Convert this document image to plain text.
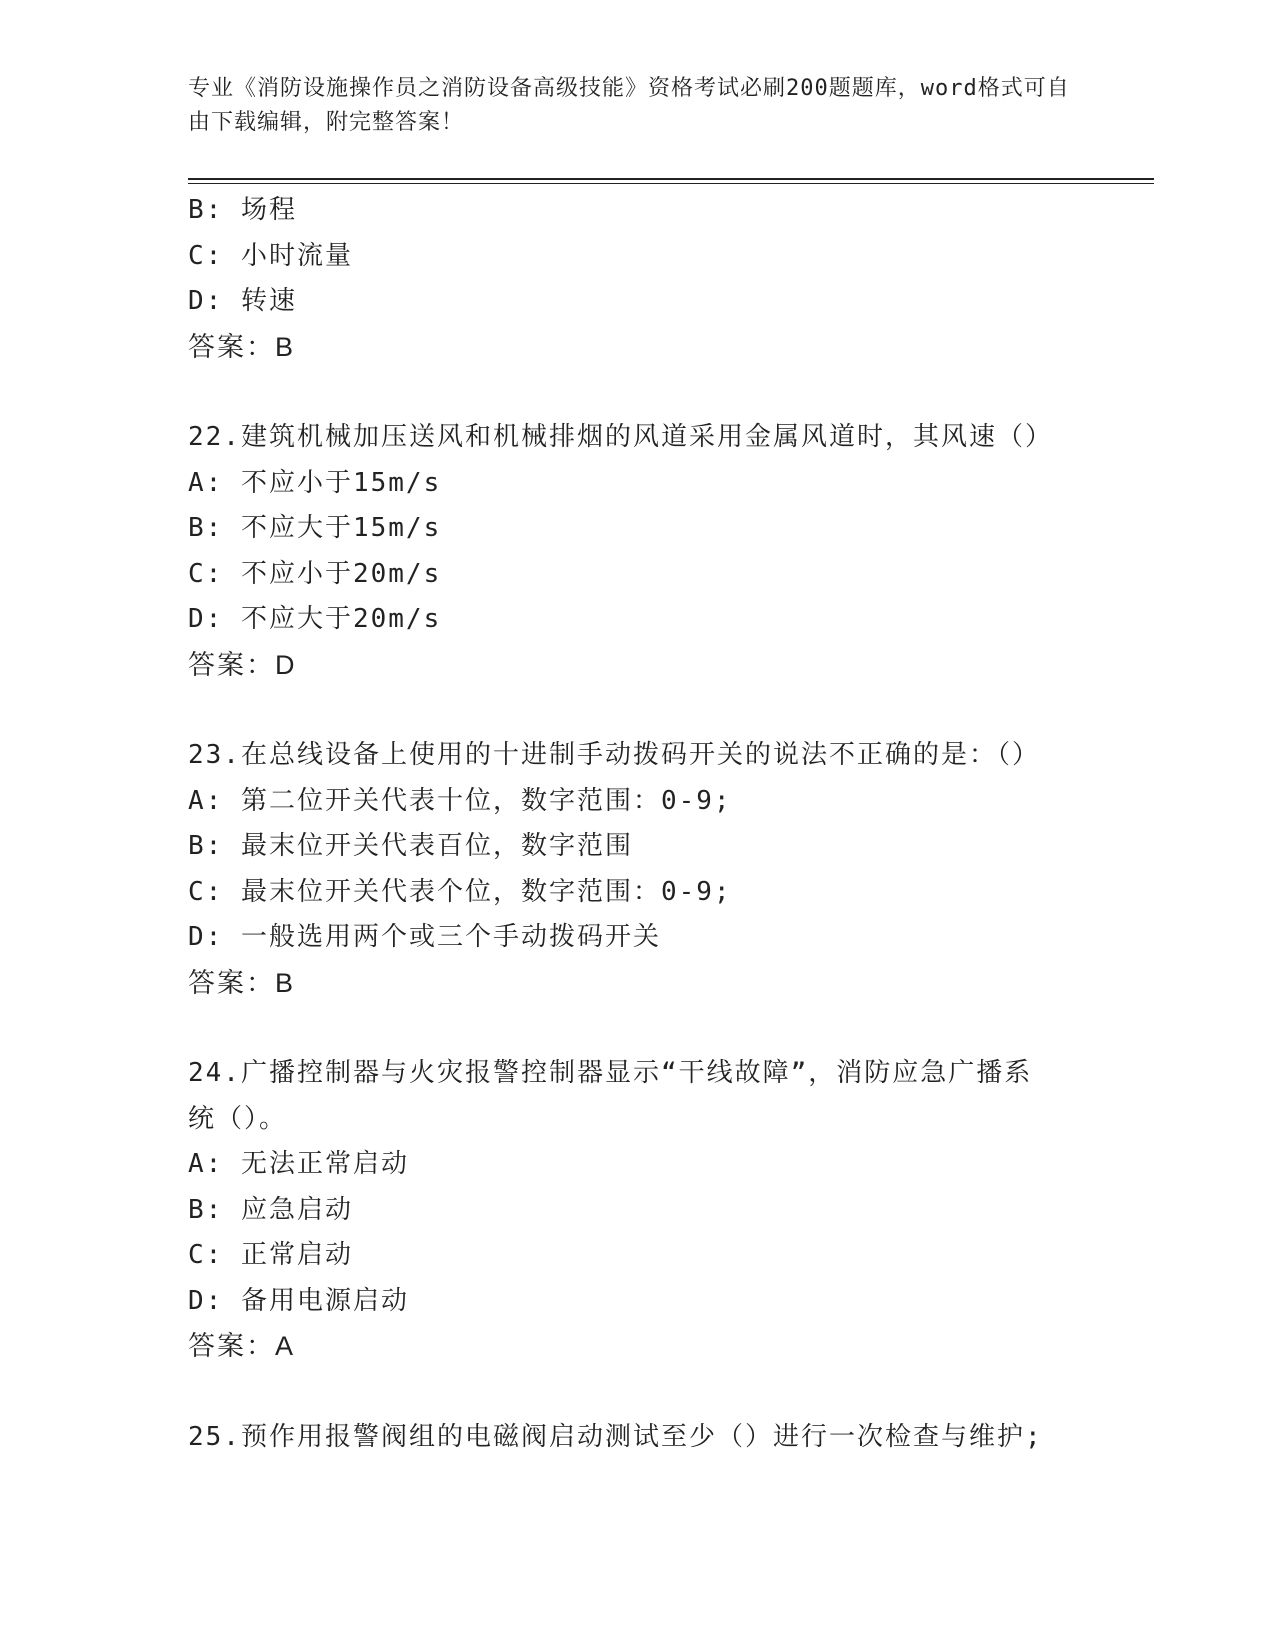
专业《消防设施操作员之消防设备高级技能》资格考试必刷200题题库，word格式可自由下载编辑，附完整答案！
B: 场程
C: 小时流量
D: 转速
答案：B
22.建筑机械加压送风和机械排烟的风道采用金属风道时，其风速（）
A: 不应小于15m/s
B: 不应大于15m/s
C: 不应小于20m/s
D: 不应大于20m/s
答案：D
23.在总线设备上使用的十进制手动拨码开关的说法不正确的是：（）
A: 第二位开关代表十位，数字范围：0-9;
B: 最末位开关代表百位，数字范围
C: 最末位开关代表个位，数字范围：0-9;
D: 一般选用两个或三个手动拨码开关
答案：B
24.广播控制器与火灾报警控制器显示“干线故障”，消防应急广播系
统（）。
A: 无法正常启动
B: 应急启动
C: 正常启动
D: 备用电源启动
答案：A
25.预作用报警阀组的电磁阀启动测试至少（）进行一次检查与维护;
